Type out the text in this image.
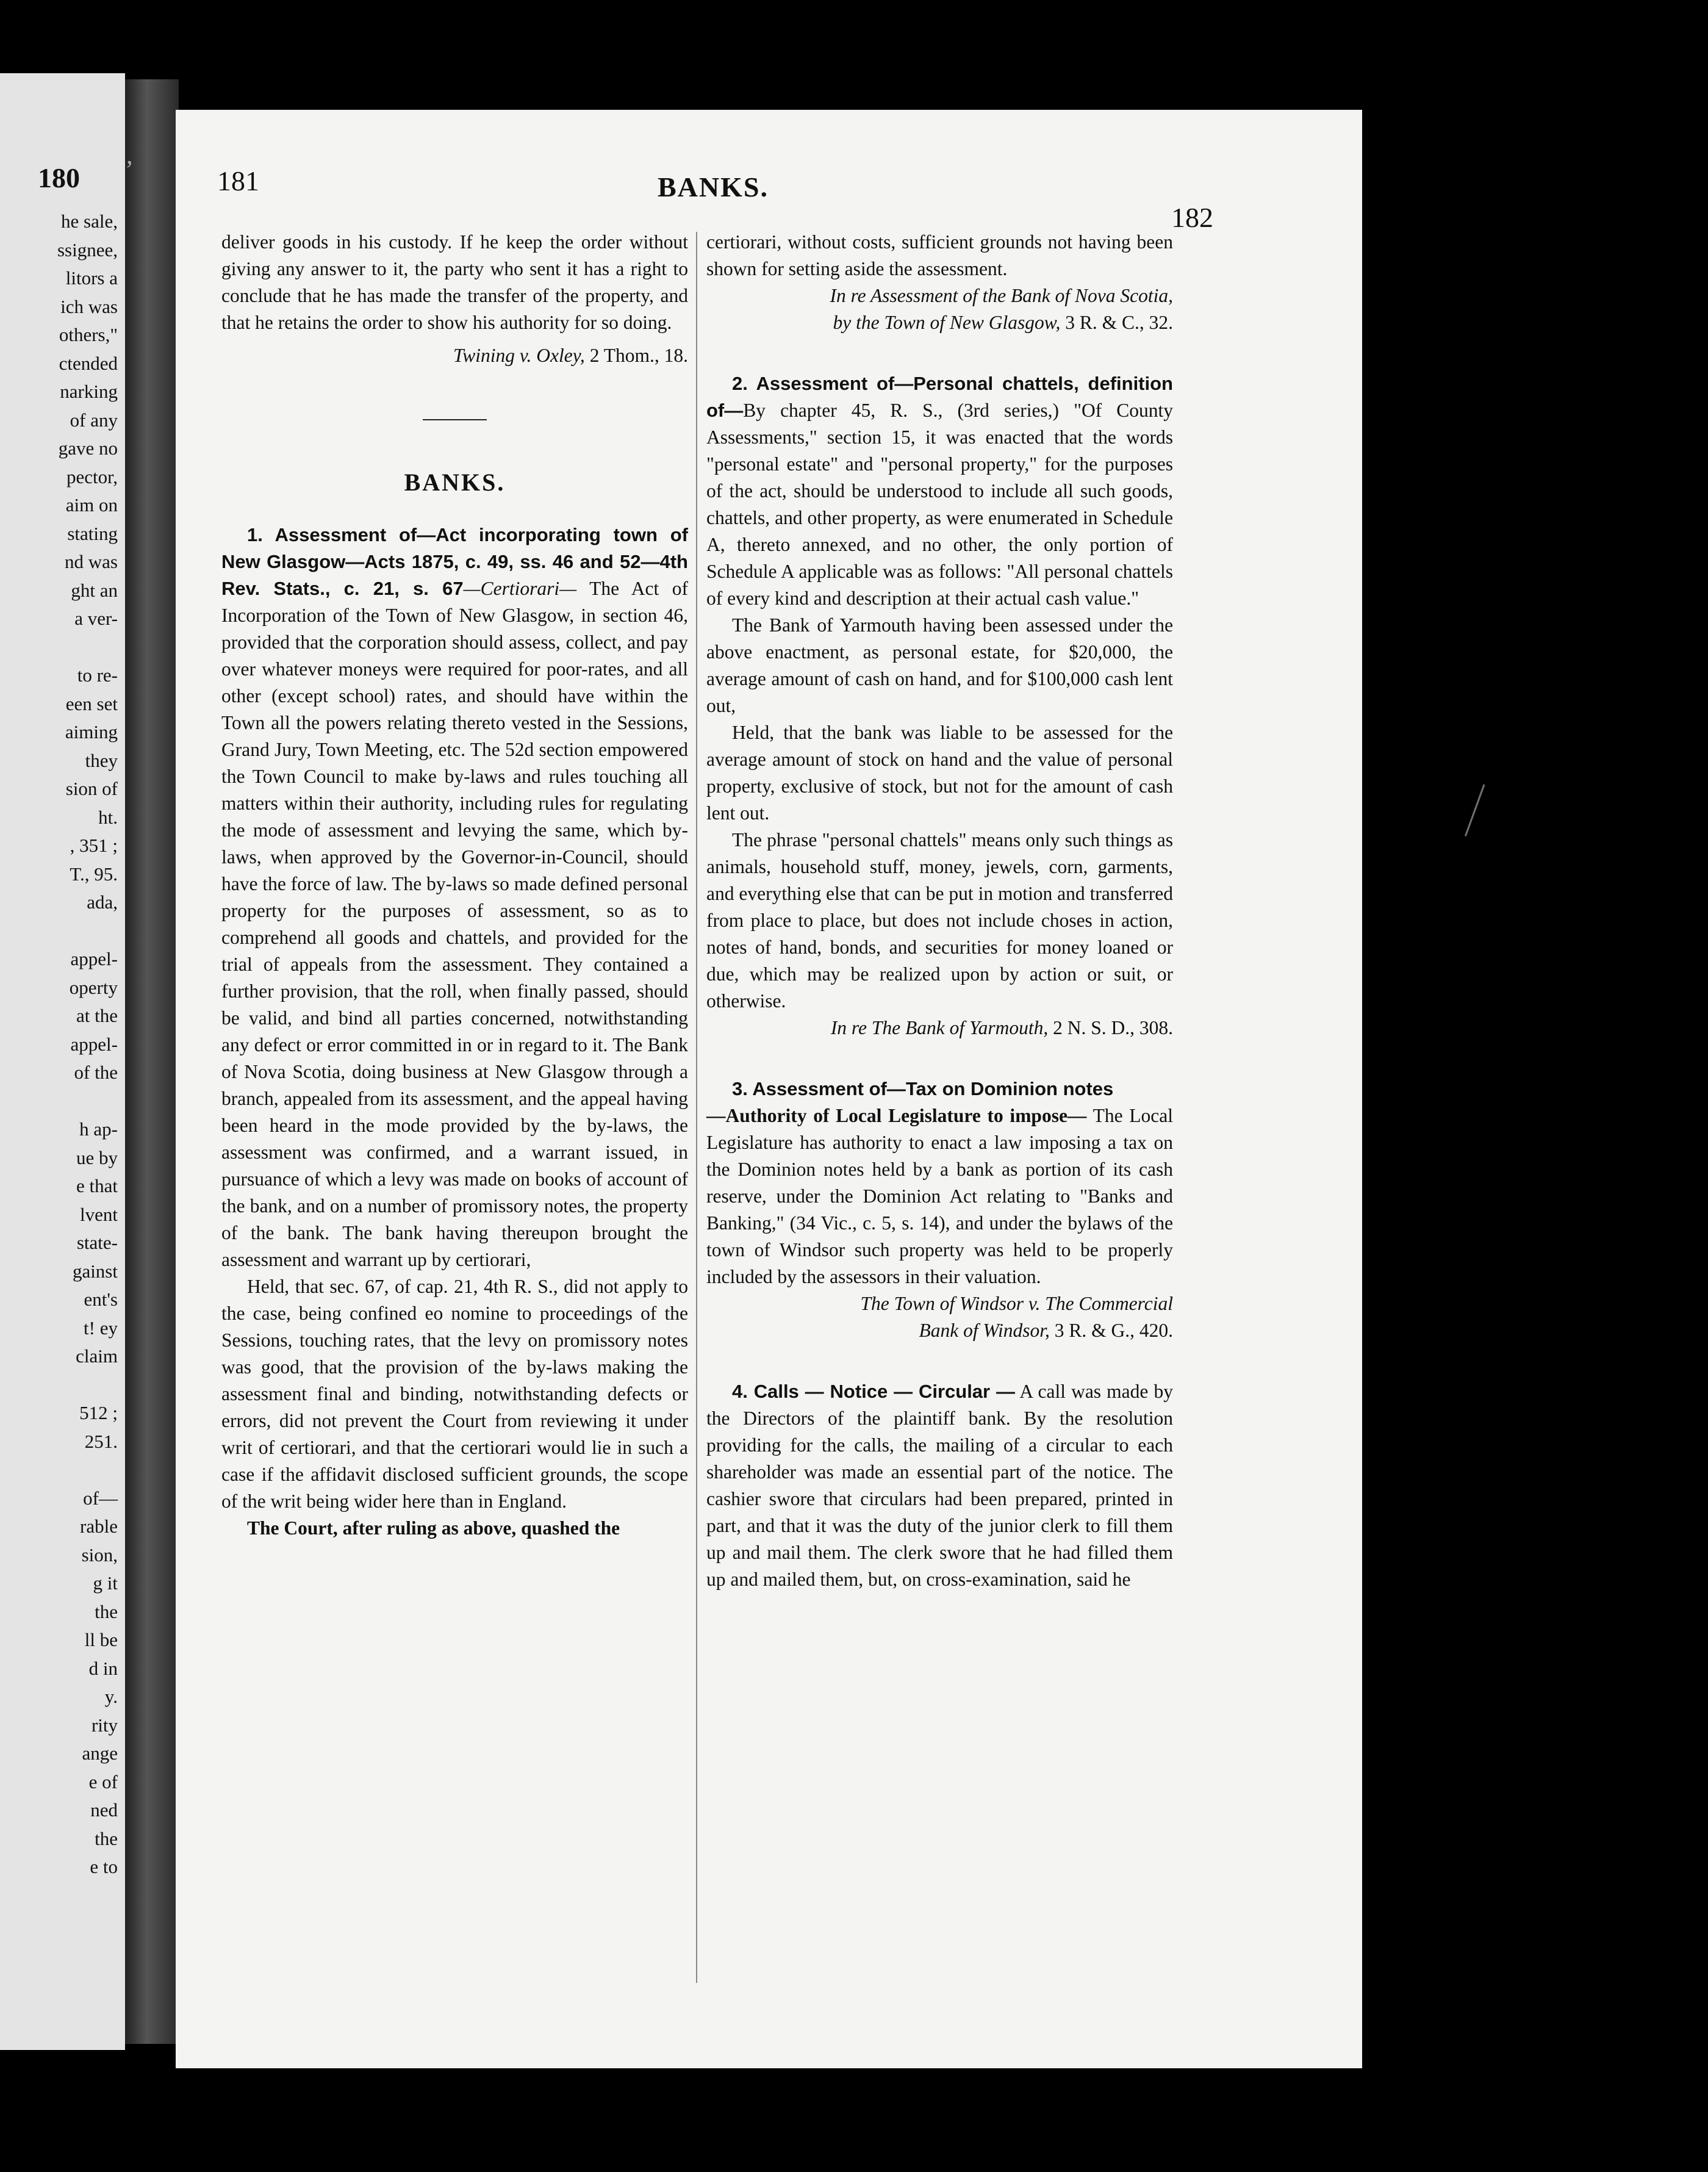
180
he sale,
ssignee,
litors a
ich was
others,"
ctended
narking
of any
gave no
pector,
aim on
stating
nd was
ght an
a ver-
to re-
een set
aiming
they
sion of
ht.
, 351 ;
T., 95.
ada,
appel-
operty
at the
appel-
of the
h ap-
ue by
e that
lvent
state-
gainst
ent's
t! ey
claim
512 ;
251.
of—
rable
sion,
g it
the
ll be
d in
y.
rity
ange
e of
ned
the
e to
’	181	BANKS.
182

deliver goods in his custody. If he keep the order without giving any answer to it, the party who sent it has a right to conclude that he has made the transfer of the property, and that he retains the order to show his authority for so doing.

Twining v. Oxley, 2 Thom., 18.

BANKS.

1. Assessment of—Act incorporating town of New Glasgow—Acts 1875, c. 49, ss. 46 and 52—4th Rev. Stats., c. 21, s. 67—Certiorari— The Act of Incorporation of the Town of New Glasgow, in section 46, provided that the corporation should assess, collect, and pay over whatever moneys were required for poor-rates, and all other (except school) rates, and should have within the Town all the powers relating thereto vested in the Sessions, Grand Jury, Town Meeting, etc. The 52d section empowered the Town Council to make by-laws and rules touching all matters within their authority, including rules for regulating the mode of assessment and levying the same, which by-laws, when approved by the Governor-in-Council, should have the force of law. The by-laws so made defined personal property for the purposes of assessment, so as to comprehend all goods and chattels, and provided for the trial of appeals from the assessment. They contained a further provision, that the roll, when finally passed, should be valid, and bind all parties concerned, notwithstanding any defect or error committed in or in regard to it. The Bank of Nova Scotia, doing business at New Glasgow through a branch, appealed from its assessment, and the appeal having been heard in the mode provided by the by-laws, the assessment was confirmed, and a warrant issued, in pursuance of which a levy was made on books of account of the bank, and on a number of promissory notes, the property of the bank. The bank having thereupon brought the assessment and warrant up by certiorari,

Held, that sec. 67, of cap. 21, 4th R. S., did not apply to the case, being confined eo nomine to proceedings of the Sessions, touching rates, that the levy on promissory notes was good, that the provision of the by-laws making the assessment final and binding, notwithstanding defects or errors, did not prevent the Court from reviewing it under writ of certiorari, and that the certiorari would lie in such a case if the affidavit disclosed sufficient grounds, the scope of the writ being wider here than in England.

The Court, after ruling as above, quashed the

certiorari, without costs, sufficient grounds not having been shown for setting aside the assessment.

In re Assessment of the Bank of Nova Scotia,
by the Town of New Glasgow, 3 R. & C., 32.

2. Assessment of—Personal chattels, definition of—By chapter 45, R. S., (3rd series,) "Of County Assessments," section 15, it was enacted that the words "personal estate" and "personal property," for the purposes of the act, should be understood to include all such goods, chattels, and other property, as were enumerated in Schedule A, thereto annexed, and no other, the only portion of Schedule A applicable was as follows: "All personal chattels of every kind and description at their actual cash value."

The Bank of Yarmouth having been assessed under the above enactment, as personal estate, for $20,000, the average amount of cash on hand, and for $100,000 cash lent out,

Held, that the bank was liable to be assessed for the average amount of stock on hand and the value of personal property, exclusive of stock, but not for the amount of cash lent out.

The phrase "personal chattels" means only such things as animals, household stuff, money, jewels, corn, garments, and everything else that can be put in motion and transferred from place to place, but does not include choses in action, notes of hand, bonds, and securities for money loaned or due, which may be realized upon by action or suit, or otherwise.

In re The Bank of Yarmouth, 2 N. S. D., 308.

3. Assessment of—Tax on Dominion notes
—Authority of Local Legislature to impose— The Local Legislature has authority to enact a law imposing a tax on the Dominion notes held by a bank as portion of its cash reserve, under the Dominion Act relating to "Banks and Banking," (34 Vic., c. 5, s. 14), and under the bylaws of the town of Windsor such property was held to be properly included by the assessors in their valuation.

The Town of Windsor v. The Commercial
Bank of Windsor, 3 R. & G., 420.

4. Calls — Notice — Circular — A call was made by the Directors of the plaintiff bank. By the resolution providing for the calls, the mailing of a circular to each shareholder was made an essential part of the notice. The cashier swore that circulars had been prepared, printed in part, and that it was the duty of the junior clerk to fill them up and mail them. The clerk swore that he had filled them up and mailed them, but, on cross-examination, said he
